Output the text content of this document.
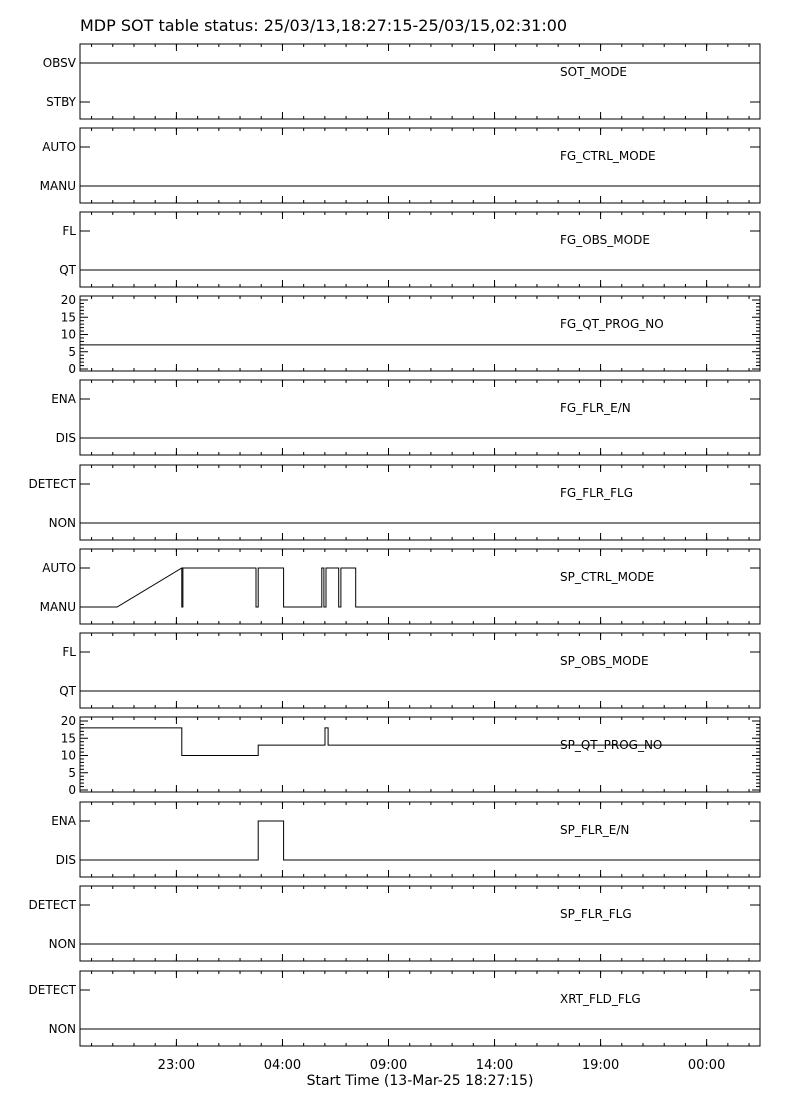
MDP SOT table status: 25/03/13,18:27:15-25/03/15,02:31:00
OBSV
STBY
SOT_MODE
AUTO
MANU
FG_CTRL_MODE
FL
QT
FG_OBS_MODE
0
5
10
15
20
FG_QT_PROG_NO
ENA
DIS
FG_FLR_E/N
DETECT
NON
FG_FLR_FLG
AUTO
MANU
SP_CTRL_MODE
FL
QT
SP_OBS_MODE
0
5
10
15
20
SP_QT_PROG_NO
ENA
DIS
SP_FLR_E/N
DETECT
NON
SP_FLR_FLG
DETECT
NON
XRT_FLD_FLG
23:00	04:00	09:00	14:00	19:00	00:00
Start Time (13-Mar-25 18:27:15)
